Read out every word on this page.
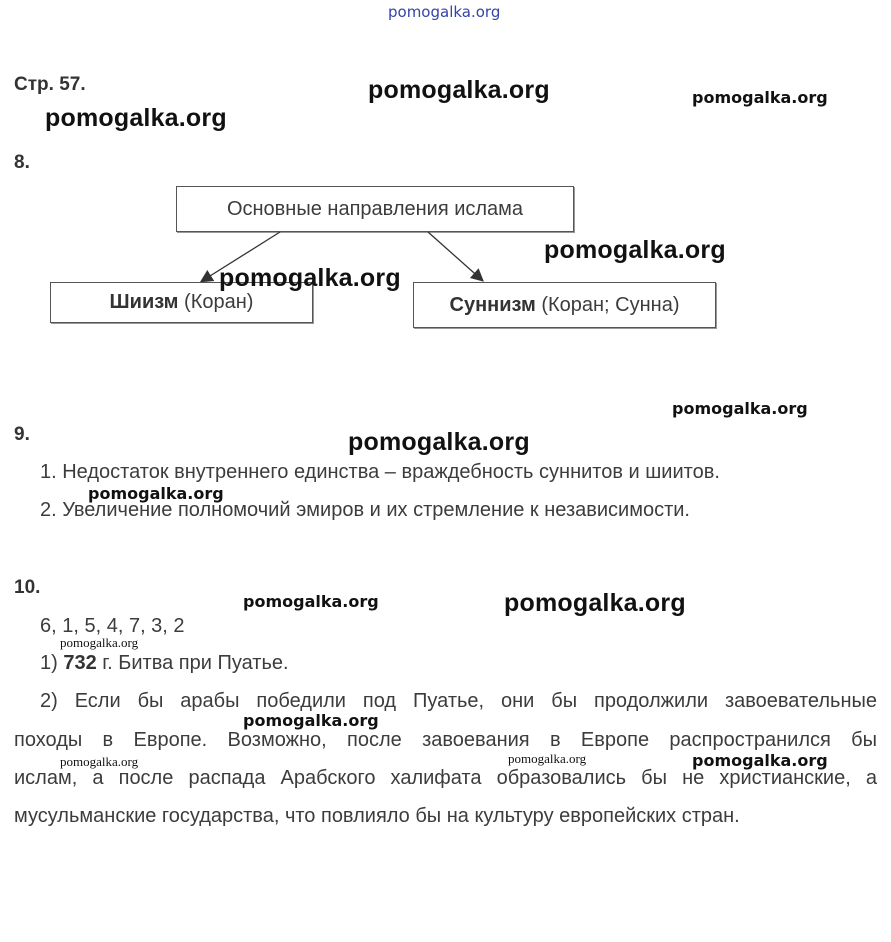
pomogalka.org
Стр. 57.
8.
Основные направления ислама
Шиизм (Коран)	Суннизм (Коран; Сунна)
9.
1. Недостаток внутреннего единства – враждебность суннитов и шиитов.
2. Увеличение полномочий эмиров и их стремление к независимости.
10.
6, 1, 5, 4, 7, 3, 2
1) 732 г. Битва при Пуатье.
2) Если бы арабы победили под Пуатье, они бы продолжили завоевательные
походы в Европе. Возможно, после завоевания в Европе распространился бы
ислам, а после распада Арабского халифата образовались бы не христианские, а
мусульманские государства, что повлияло бы на культуру европейских стран.
pomogalka.org	pomogalka.org
pomogalka.org
pomogalka.org
pomogalka.org
pomogalka.org
pomogalka.org
pomogalka.org
pomogalka.org	pomogalka.org
pomogalka.org
pomogalka.org
pomogalka.org	pomogalka.org	pomogalka.org
